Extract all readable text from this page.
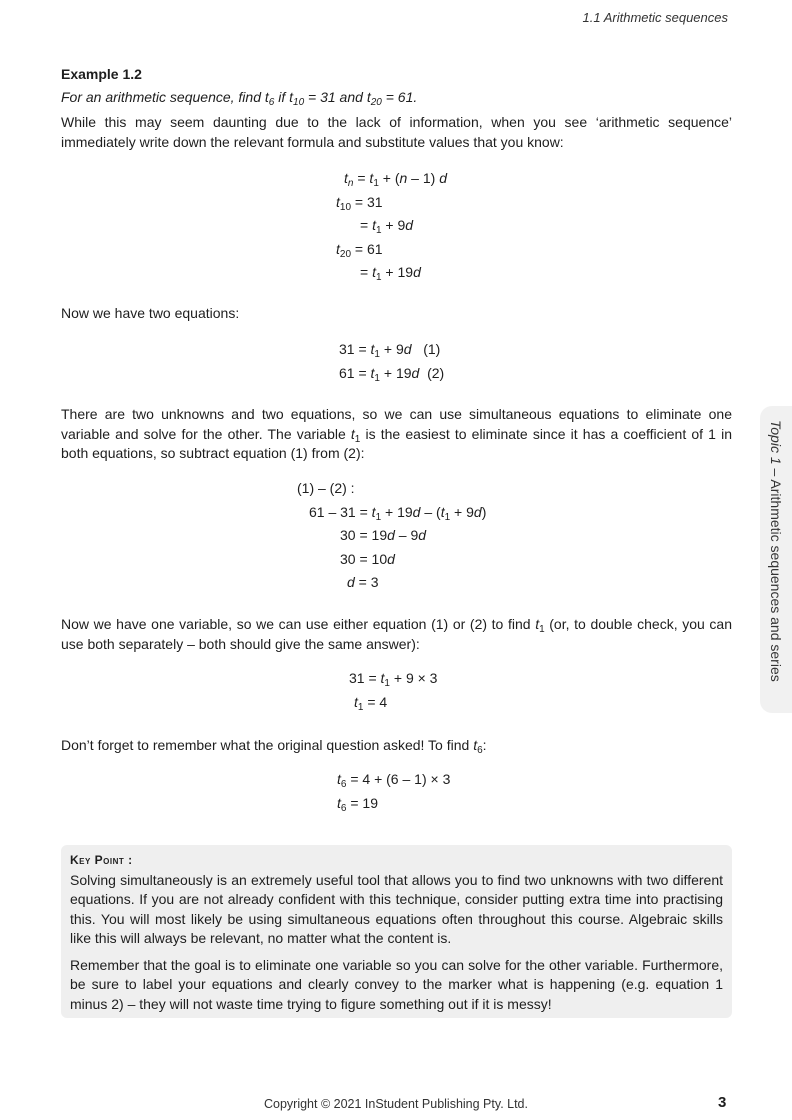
1.1 Arithmetic sequences
Example 1.2
For an arithmetic sequence, find $t_6$ if $t_{10} = 31$ and $t_{20} = 61$.

While this may seem daunting due to the lack of information, when you see ‘arithmetic sequence’ immediately write down the relevant formula and substitute values that you know:

$t_n = t_1 + (n - 1)$ d
$t_{10} = 31$
= $t_1 + 9d$
$t_{20} = 61$
= $t_1 + 19d$

Now we have two equations:

$31 = t_1 + 9d$   (1)
$61 = t_1 + 19d$  (2)

There are two unknowns and two equations, so we can use simultaneous equations to eliminate one variable and solve for the other. The variable $t_1$ is the easiest to eliminate since it has a coefficient of 1 in both equations, so subtract equation (1) from (2):

(1) – (2) :
$61 - 31 = t_1 + 19d - (t_1 + 9d)$
30 = 19d – 9d
30 = 10d
d = 3

Now we have one variable, so we can use either equation (1) or (2) to find $t_1$ (or, to double check, you can use both separately – both should give the same answer):

$31 = t_1 + 9 \times 3$
$t_1 = 4$

Don’t forget to remember what the original question asked! To find $t_6$:

$t_6 = 4 + (6 - 1) \times 3$
$t_6 = 19$
Key Point :

Solving simultaneously is an extremely useful tool that allows you to find two unknowns with two different equations. If you are not already confident with this technique, consider putting extra time into practising this. You will most likely be using simultaneous equations often throughout this course. Algebraic skills like this will always be relevant, no matter what the content is.

Remember that the goal is to eliminate one variable so you can solve for the other variable. Furthermore, be sure to label your equations and clearly convey to the marker what is happening (e.g. equation 1 minus 2) – they will not waste time trying to figure something out if it is messy!

Topic 1 – Arithmetic sequences and series
Copyright © 2021 InStudent Publishing Pty. Ltd.	3
